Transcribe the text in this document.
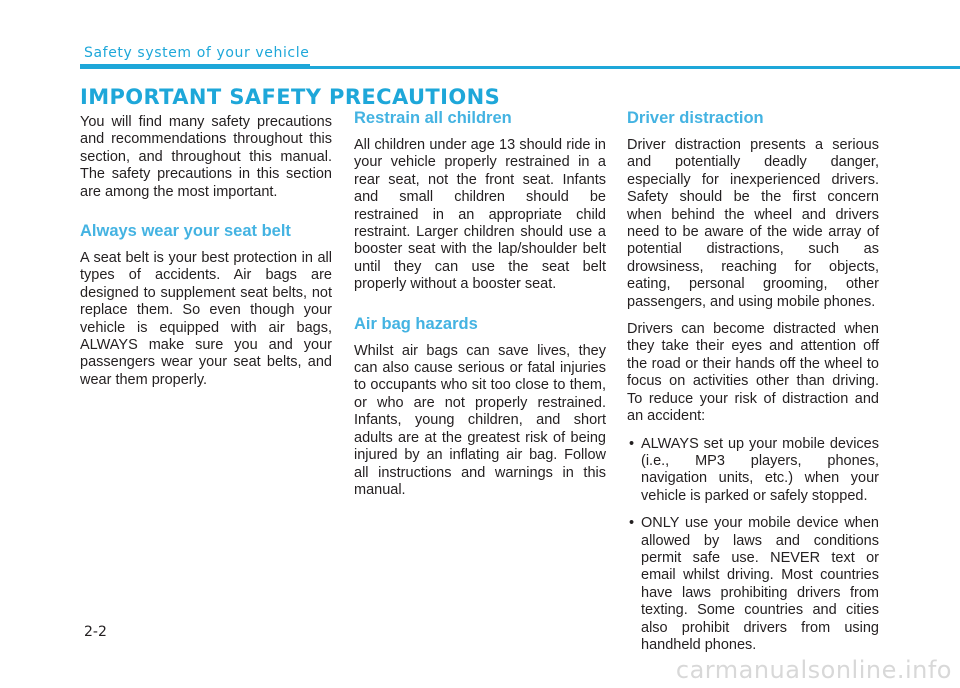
Safety system of your vehicle
IMPORTANT SAFETY PRECAUTIONS

You will find many safety precautions and recommendations throughout this section, and throughout this manual. The safety precautions in this section are among the most important.

Always wear your seat belt

A seat belt is your best protection in all types of accidents. Air bags are designed to supplement seat belts, not replace them. So even though your vehicle is equipped with air bags, ALWAYS make sure you and your passengers wear your seat belts, and wear them properly.

Restrain all children

All children under age 13 should ride in your vehicle properly restrained in a rear seat, not the front seat. Infants and small children should be restrained in an appropriate child restraint. Larger children should use a booster seat with the lap/shoulder belt until they can use the seat belt properly without a booster seat.

Air bag hazards

Whilst air bags can save lives, they can also cause serious or fatal injuries to occupants who sit too close to them, or who are not properly restrained. Infants, young children, and short adults are at the greatest risk of being injured by an inflating air bag. Follow all instructions and warnings in this manual.

Driver distraction

Driver distraction presents a serious and potentially deadly danger, especially for inexperienced drivers. Safety should be the first concern when behind the wheel and drivers need to be aware of the wide array of potential distractions, such as drowsiness, reaching for objects, eating, personal grooming, other passengers, and using mobile phones.

Drivers can become distracted when they take their eyes and attention off the road or their hands off the wheel to focus on activities other than driving. To reduce your risk of distraction and an accident:

• ALWAYS set up your mobile devices (i.e., MP3 players, phones, navigation units, etc.) when your vehicle is parked or safely stopped.
• ONLY use your mobile device when allowed by laws and conditions permit safe use. NEVER text or email whilst driving. Most countries have laws prohibiting drivers from texting. Some countries and cities also prohibit drivers from using handheld phones.
2-2
carmanualsonline.info
